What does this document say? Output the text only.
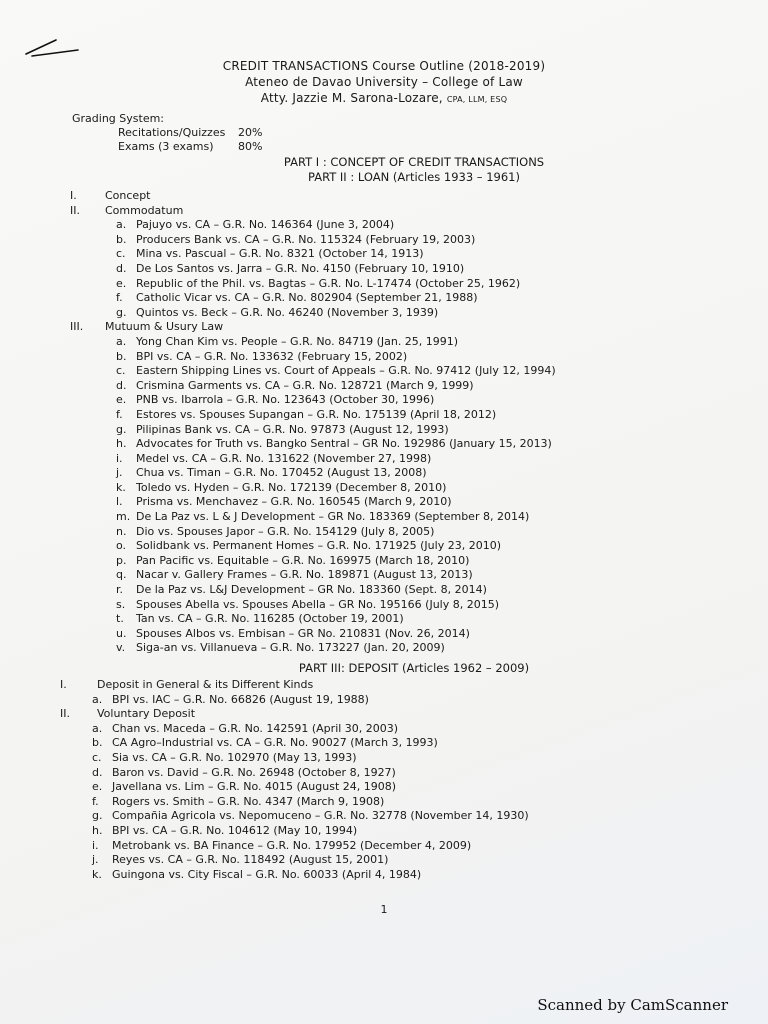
CREDIT TRANSACTIONS Course Outline (2018-2019)
Ateneo de Davao University – College of Law
Atty. Jazzie M. Sarona-Lozare, CPA, LLM, ESQ
Grading System:
Recitations/Quizzes	20%
Exams (3 exams)	80%
PART I : CONCEPT OF CREDIT TRANSACTIONS
PART II : LOAN (Articles 1933 – 1961)
I.	Concept
II.	Commodatum
a. Pajuyo vs. CA – G.R. No. 146364 (June 3, 2004)
b. Producers Bank vs. CA – G.R. No. 115324 (February 19, 2003)
c. Mina vs. Pascual – G.R. No. 8321 (October 14, 1913)
d. De Los Santos vs. Jarra – G.R. No. 4150 (February 10, 1910)
e. Republic of the Phil. vs. Bagtas – G.R. No. L-17474 (October 25, 1962)
f.	Catholic Vicar vs. CA – G.R. No. 802904 (September 21, 1988)
g. Quintos vs. Beck – G.R. No. 46240 (November 3, 1939)
III.	Mutuum & Usury Law
a. Yong Chan Kim vs. People – G.R. No. 84719 (Jan. 25, 1991)
b. BPI vs. CA – G.R. No. 133632 (February 15, 2002)
c. Eastern Shipping Lines vs. Court of Appeals – G.R. No. 97412 (July 12, 1994)
d. Crismina Garments vs. CA – G.R. No. 128721 (March 9, 1999)
e. PNB vs. Ibarrola – G.R. No. 123643 (October 30, 1996)
f.	Estores vs. Spouses Supangan – G.R. No. 175139 (April 18, 2012)
g. Pilipinas Bank vs. CA – G.R. No. 97873 (August 12, 1993)
h. Advocates for Truth vs. Bangko Sentral – GR No. 192986 (January 15, 2013)
i.	Medel vs. CA – G.R. No. 131622 (November 27, 1998)
j.	Chua vs. Timan – G.R. No. 170452 (August 13, 2008)
k. Toledo vs. Hyden – G.R. No. 172139 (December 8, 2010)
l.	Prisma vs. Menchavez – G.R. No. 160545 (March 9, 2010)
m. De La Paz vs. L & J Development – GR No. 183369 (September 8, 2014)
n. Dio vs. Spouses Japor – G.R. No. 154129 (July 8, 2005)
o. Solidbank vs. Permanent Homes – G.R. No. 171925 (July 23, 2010)
p. Pan Pacific vs. Equitable – G.R. No. 169975 (March 18, 2010)
q. Nacar v. Gallery Frames – G.R. No. 189871 (August 13, 2013)
r.	De la Paz vs. L&J Development – GR No. 183360 (Sept. 8, 2014)
s. Spouses Abella vs. Spouses Abella – GR No. 195166 (July 8, 2015)
t.	Tan vs. CA – G.R. No. 116285 (October 19, 2001)
u. Spouses Albos vs. Embisan – GR No. 210831 (Nov. 26, 2014)
v. Siga-an vs. Villanueva – G.R. No. 173227 (Jan. 20, 2009)
PART III: DEPOSIT (Articles 1962 – 2009)
I.	Deposit in General & its Different Kinds
a. BPI vs. IAC – G.R. No. 66826 (August 19, 1988)
II.	Voluntary Deposit
a. Chan vs. Maceda – G.R. No. 142591 (April 30, 2003)
b. CA Agro–Industrial vs. CA – G.R. No. 90027 (March 3, 1993)
c. Sia vs. CA – G.R. No. 102970 (May 13, 1993)
d. Baron vs. David – G.R. No. 26948 (October 8, 1927)
e. Javellana vs. Lim – G.R. No. 4015 (August 24, 1908)
f.	Rogers vs. Smith – G.R. No. 4347 (March 9, 1908)
g. Compañia Agricola vs. Nepomuceno – G.R. No. 32778 (November 14, 1930)
h. BPI vs. CA – G.R. No. 104612 (May 10, 1994)
i.	Metrobank vs. BA Finance – G.R. No. 179952 (December 4, 2009)
j.	Reyes vs. CA – G.R. No. 118492 (August 15, 2001)
k. Guingona vs. City Fiscal – G.R. No. 60033 (April 4, 1984)
1
Scanned by CamScanner
